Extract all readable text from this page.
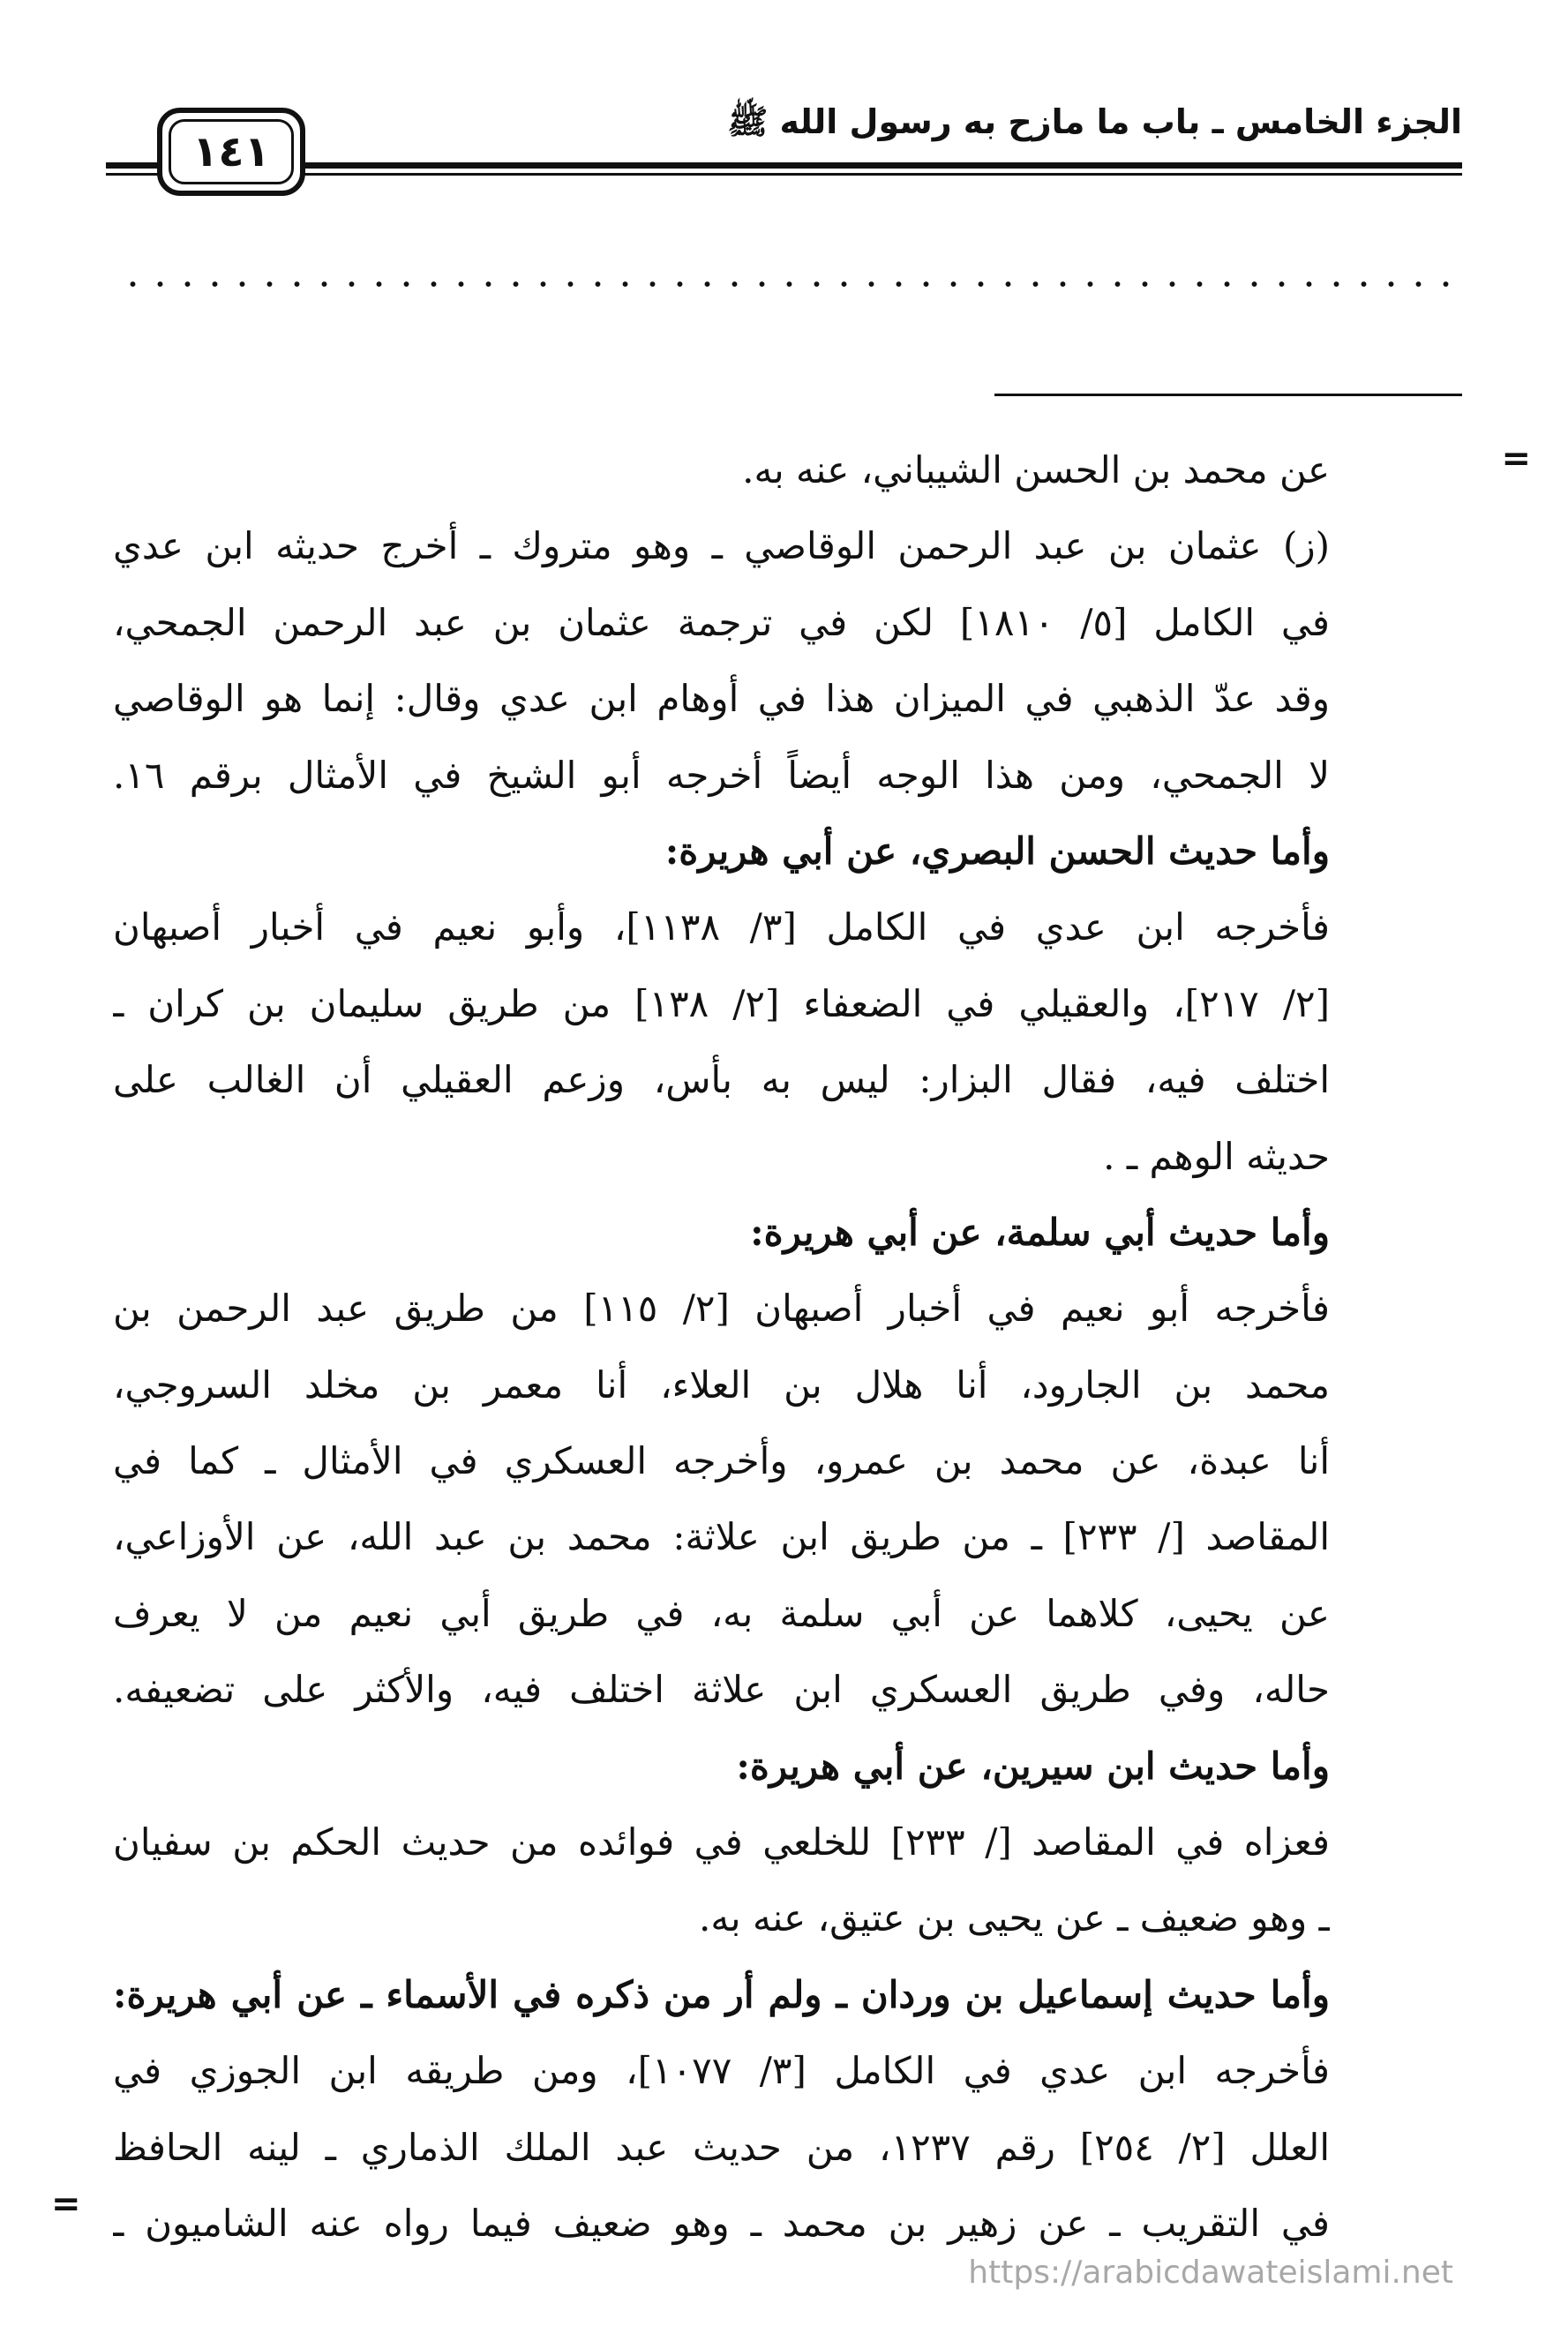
الجزء الخامس ـ باب ما مازح به رسول الله ﷺ
١٤١
=
عن محمد بن الحسن الشيباني، عنه به.
(ز) عثمان بن عبد الرحمن الوقاصي ـ وهو متروك ـ أخرج حديثه ابن عدي
في الكامل [٥/ ١٨١٠] لكن في ترجمة عثمان بن عبد الرحمن الجمحي،
وقد عدّ الذهبي في الميزان هذا في أوهام ابن عدي وقال: إنما هو الوقاصي
لا الجمحي، ومن هذا الوجه أيضاً أخرجه أبو الشيخ في الأمثال برقم ١٦.
وأما حديث الحسن البصري، عن أبي هريرة:
فأخرجه ابن عدي في الكامل [٣/ ١١٣٨]، وأبو نعيم في أخبار أصبهان
[٢/ ٢١٧]، والعقيلي في الضعفاء [٢/ ١٣٨] من طريق سليمان بن كران ـ
اختلف فيه، فقال البزار: ليس به بأس، وزعم العقيلي أن الغالب على
حديثه الوهم ـ .
وأما حديث أبي سلمة، عن أبي هريرة:
فأخرجه أبو نعيم في أخبار أصبهان [٢/ ١١٥] من طريق عبد الرحمن بن
محمد بن الجارود، أنا هلال بن العلاء، أنا معمر بن مخلد السروجي،
أنا عبدة، عن محمد بن عمرو، وأخرجه العسكري في الأمثال ـ كما في
المقاصد [/ ٢٣٣] ـ من طريق ابن علاثة: محمد بن عبد الله، عن الأوزاعي،
عن يحيى، كلاهما عن أبي سلمة به، في طريق أبي نعيم من لا يعرف
حاله، وفي طريق العسكري ابن علاثة اختلف فيه، والأكثر على تضعيفه.
وأما حديث ابن سيرين، عن أبي هريرة:
فعزاه في المقاصد [/ ٢٣٣] للخلعي في فوائده من حديث الحكم بن سفيان
ـ وهو ضعيف ـ عن يحيى بن عتيق، عنه به.
وأما حديث إسماعيل بن وردان ـ ولم أر من ذكره في الأسماء ـ عن أبي هريرة:
فأخرجه ابن عدي في الكامل [٣/ ١٠٧٧]، ومن طريقه ابن الجوزي في
العلل [٢/ ٢٥٤] رقم ١٢٣٧، من حديث عبد الملك الذماري ـ لينه الحافظ
في التقريب ـ عن زهير بن محمد ـ وهو ضعيف فيما رواه عنه الشاميون ـ
=
https://arabicdawateislami.net
